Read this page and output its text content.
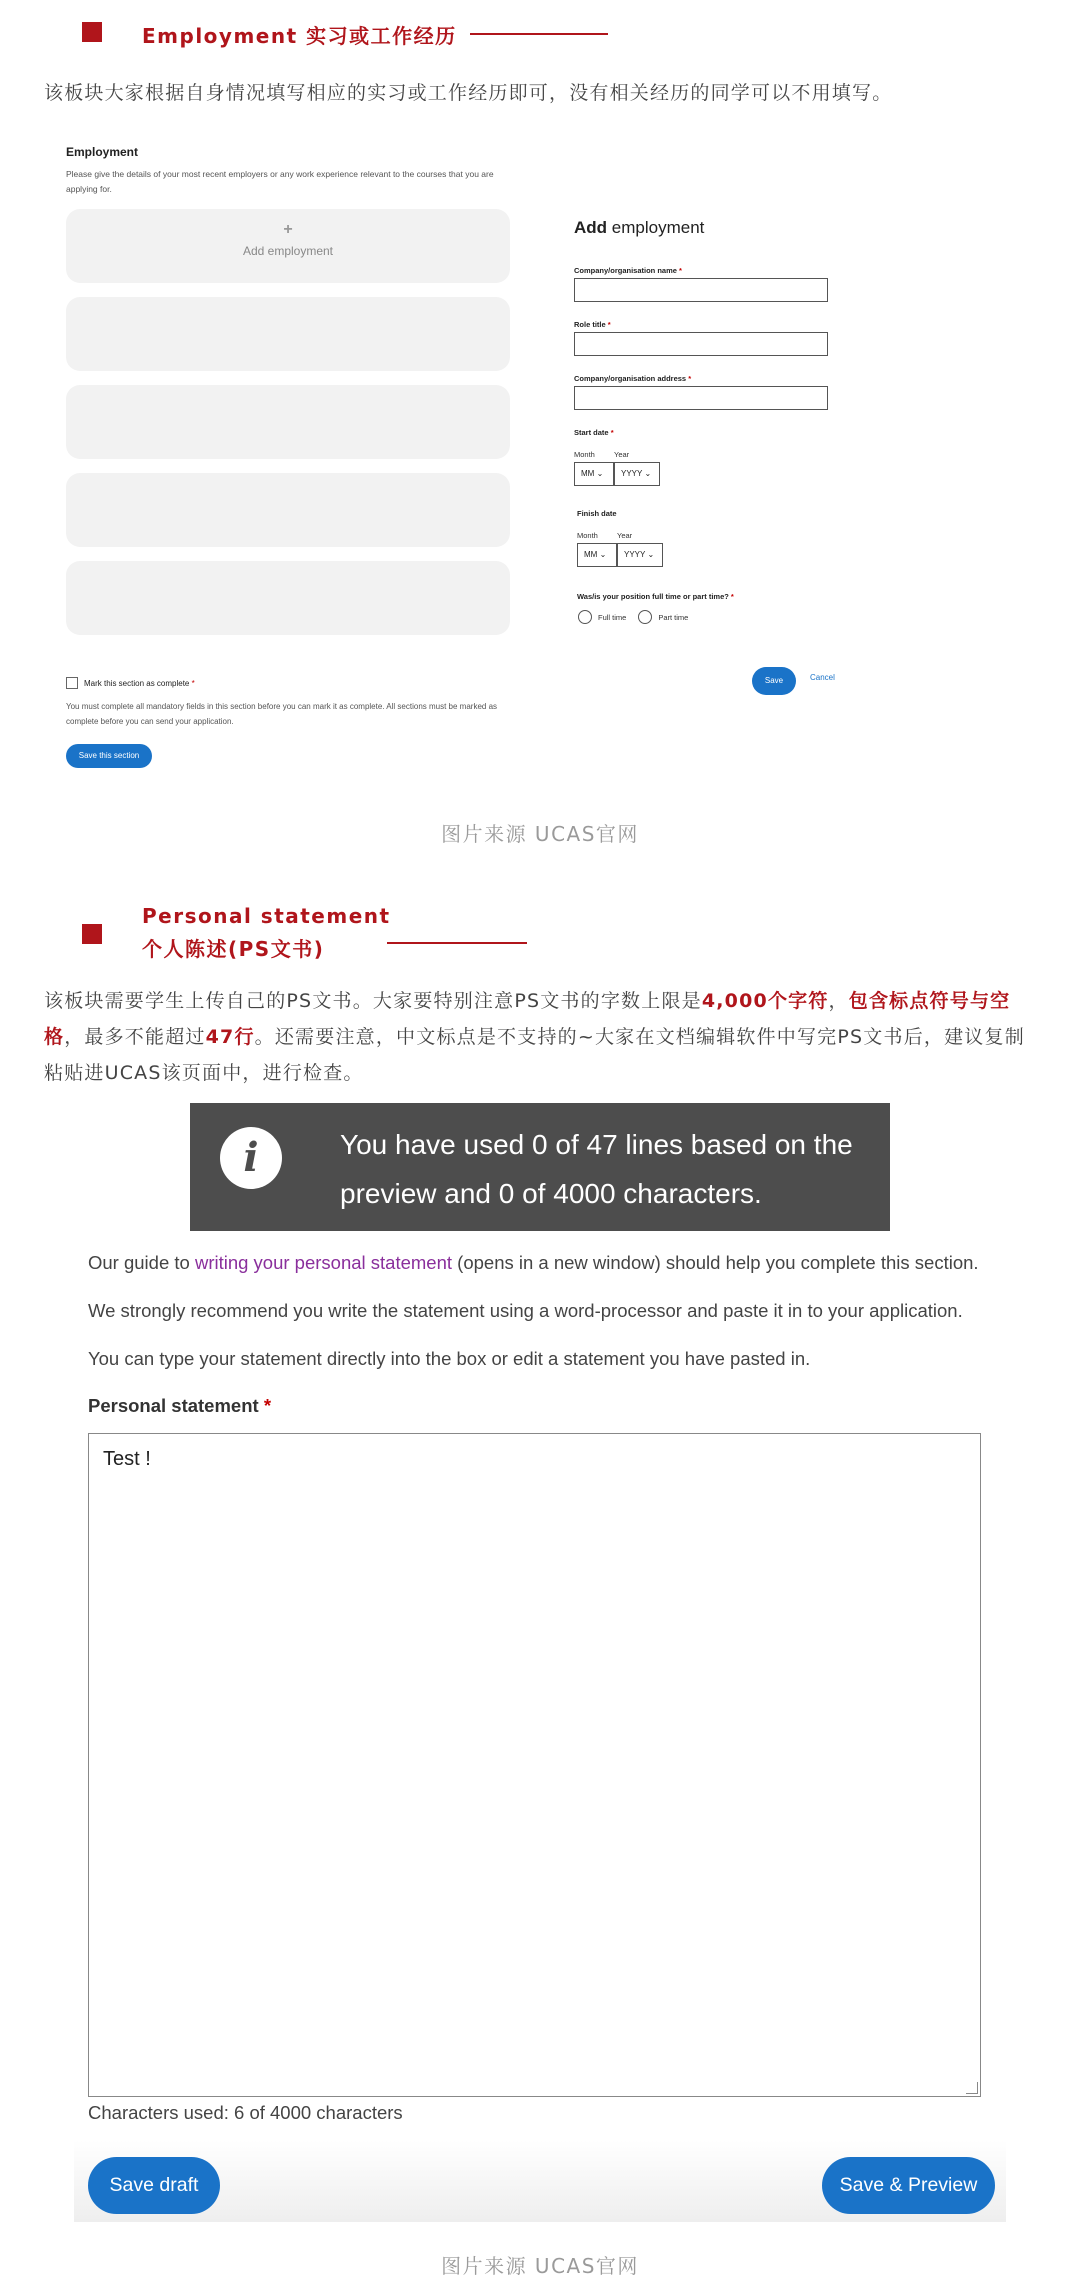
Employment 实习或工作经历
该板块大家根据自身情况填写相应的实习或工作经历即可，没有相关经历的同学可以不用填写。
Employment
Please give the details of your most recent employers or any work experience relevant to the courses that you are applying for.
+
Add employment
Mark this section as complete *
You must complete all mandatory fields in this section before you can mark it as complete. All sections must be marked as complete before you can send your application.
Save this section
Add employment
Company/organisation name *
Role title *
Company/organisation address *
Start date *
Month	Year
MM ⌄	YYYY ⌄
Finish date
Month	Year
MM ⌄	YYYY ⌄
Was/is your position full time or part time? *
Full time	Part time
Save	Cancel
图片来源 UCAS官网
Personal statement
个人陈述(PS文书)
该板块需要学生上传自己的PS文书。大家要特别注意PS文书的字数上限是4,000个字符，包含标点符号与空格，最多不能超过47行。还需要注意，中文标点是不支持的~大家在文档编辑软件中写完PS文书后，建议复制粘贴进UCAS该页面中，进行检查。
i	You have used 0 of 47 lines based on the preview and 0 of 4000 characters.
Our guide to writing your personal statement (opens in a new window) should help you complete this section.
We strongly recommend you write the statement using a word-processor and paste it in to your application.
You can type your statement directly into the box or edit a statement you have pasted in.
Personal statement *
Test !
Characters used: 6 of 4000 characters
Save draft	Save & Preview
图片来源 UCAS官网
